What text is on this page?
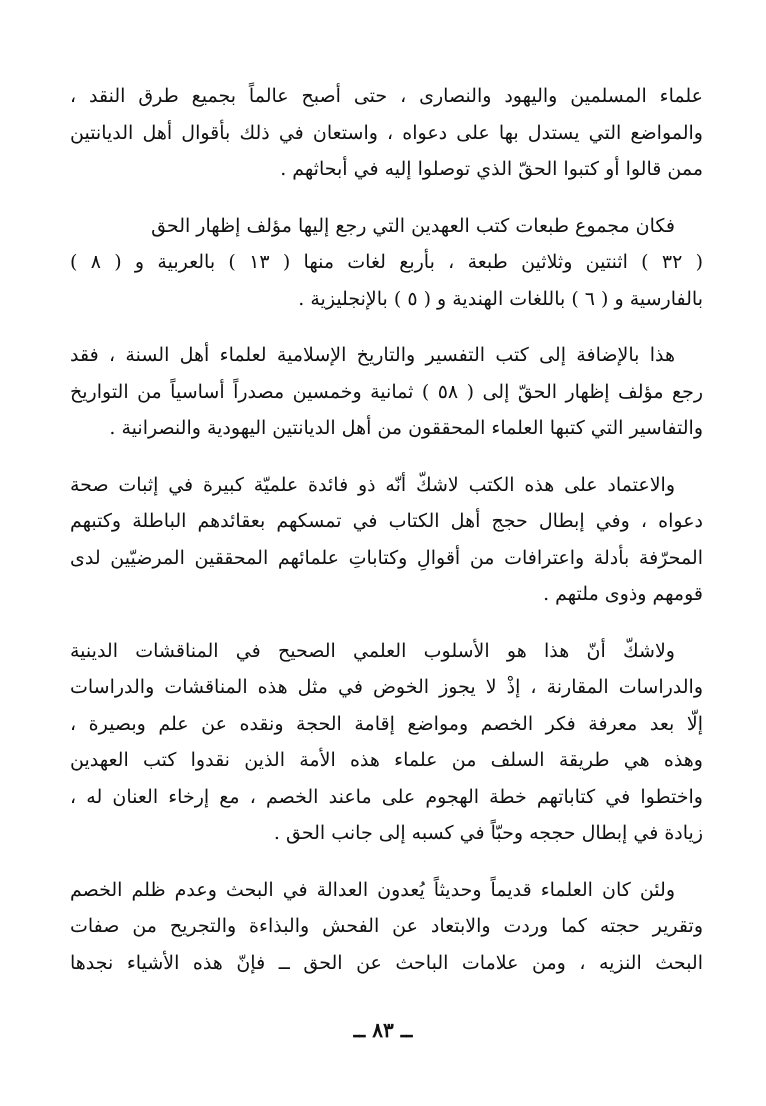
علماء المسلمين واليهود والنصارى ، حتى أصبح عالماً بجميع طرق النقد ،
والمواضع التي يستدل بها على دعواه ، واستعان في ذلك بأقوال أهل الديانتين
ممن قالوا أو كتبوا الحقّ الذي توصلوا إليه في أبحاثهم .

فكان مجموع طبعات كتب العهدين التي رجع إليها مؤلف إظهار الحق
( ٣٢ ) اثنتين وثلاثين طبعة ، بأربع لغات منها ( ١٣ ) بالعربية و ( ٨ )
بالفارسية و ( ٦ ) باللغات الهندية و ( ٥ ) بالإنجليزية .

هذا بالإضافة إلى كتب التفسير والتاريخ الإسلامية لعلماء أهل السنة ، فقد
رجع مؤلف إظهار الحقّ إلى ( ٥٨ ) ثمانية وخمسين مصدراً أساسياً من التواريخ
والتفاسير التي كتبها العلماء المحققون من أهل الديانتين اليهودية والنصرانية .

والاعتماد على هذه الكتب لاشكّ أنّه ذو فائدة علميّة كبيرة في إثبات صحة
دعواه ، وفي إبطال حجج أهل الكتاب في تمسكهم بعقائدهم الباطلة وكتبهم
المحرّفة بأدلة واعترافات من أقوالِ وكتاباتِ علمائهم المحققين المرضيّين لدى
قومهم وذوى ملتهم .

ولاشكّ أنّ هذا هو الأسلوب العلمي الصحيح في المناقشات الدينية
والدراسات المقارنة ، إذْ لا يجوز الخوض في مثل هذه المناقشات والدراسات
إلّا بعد معرفة فكر الخصم ومواضع إقامة الحجة ونقده عن علم وبصيرة ،
وهذه هي طريقة السلف من علماء هذه الأمة الذين نقدوا كتب العهدين
واختطوا في كتاباتهم خطة الهجوم على ماعند الخصم ، مع إرخاء العنان له ،
زيادة في إبطال حججه وحبّاً في كسبه إلى جانب الحق .

ولئن كان العلماء قديماً وحديثاً يُعدون العدالة في البحث وعدم ظلم الخصم
وتقرير حجته كما وردت والابتعاد عن الفحش والبذاءة والتجريح من صفات
البحث النزيه ، ومن علامات الباحث عن الحق ــ فإنّ هذه الأشياء نجدها

ــ ٨٣ ــ
